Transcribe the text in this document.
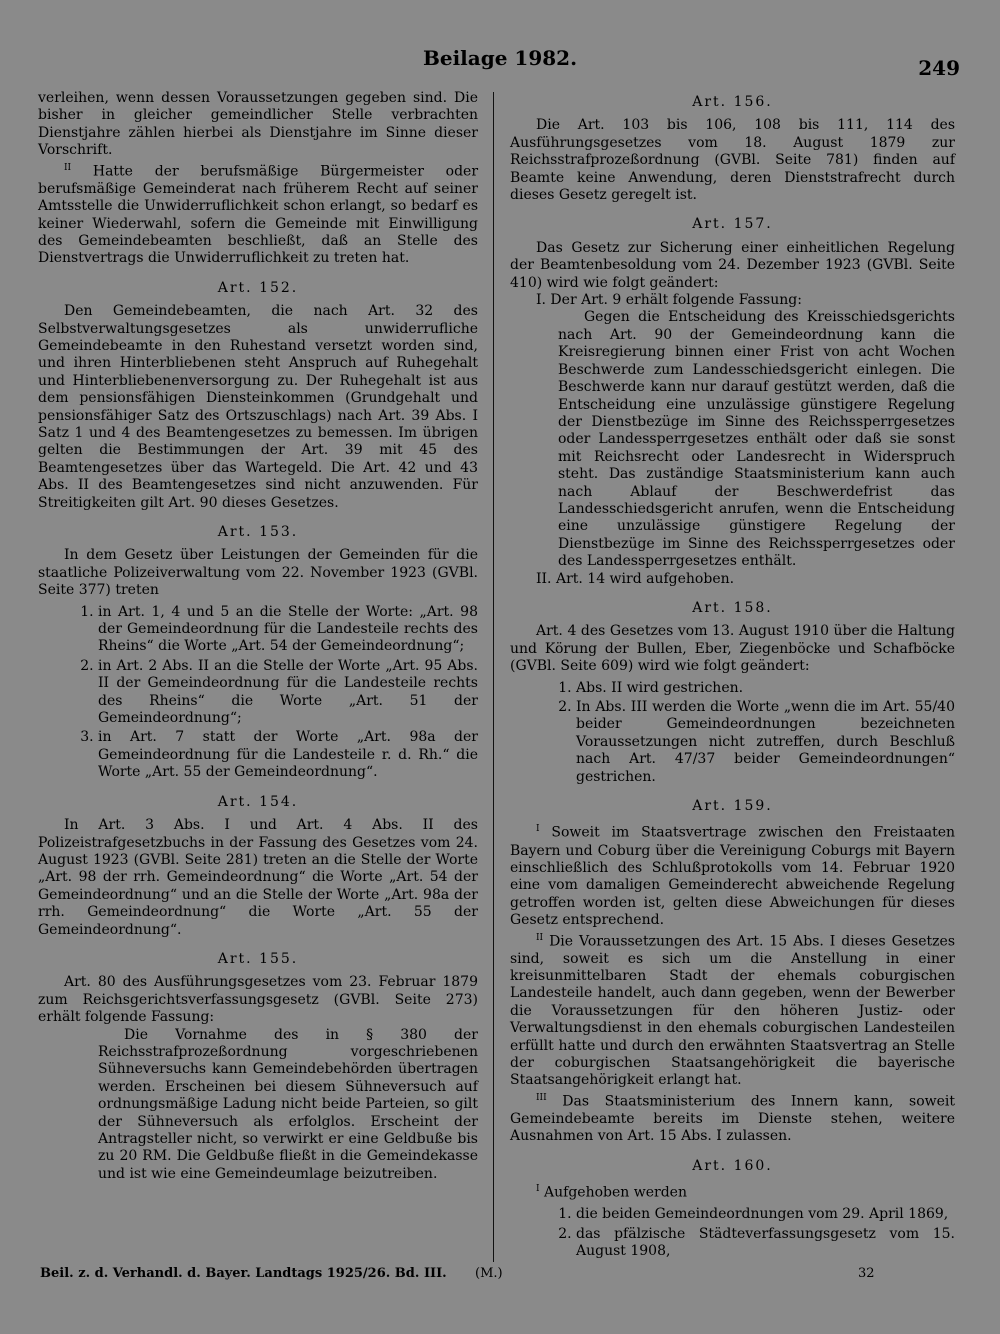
Beilage 1982.	249

verleihen, wenn dessen Voraussetzungen gegeben sind. Die bisher in gleicher gemeindlicher Stelle verbrachten Dienstjahre zählen hierbei als Dienstjahre im Sinne dieser Vorschrift.

$^{II}$ Hatte der berufsmäßige Bürgermeister oder berufsmäßige Gemeinderat nach früherem Recht auf seiner Amtsstelle die Unwiderruflichkeit schon erlangt, so bedarf es keiner Wiederwahl, sofern die Gemeinde mit Einwilligung des Gemeindebeamten beschließt, daß an Stelle des Dienstvertrags die Unwiderruflichkeit zu treten hat.

Art. 152.

Den Gemeindebeamten, die nach Art. 32 des Selbstverwaltungsgesetzes als unwiderrufliche Gemeindebeamte in den Ruhestand versetzt worden sind, und ihren Hinterbliebenen steht Anspruch auf Ruhegehalt und Hinterbliebenenversorgung zu. Der Ruhegehalt ist aus dem pensionsfähigen Diensteinkommen (Grundgehalt und pensionsfähiger Satz des Ortszuschlags) nach Art. 39 Abs. I Satz 1 und 4 des Beamtengesetzes zu bemessen. Im übrigen gelten die Bestimmungen der Art. 39 mit 45 des Beamtengesetzes über das Wartegeld. Die Art. 42 und 43 Abs. II des Beamtengesetzes sind nicht anzuwenden. Für Streitigkeiten gilt Art. 90 dieses Gesetzes.

Art. 153.

In dem Gesetz über Leistungen der Gemeinden für die staatliche Polizeiverwaltung vom 22. November 1923 (GVBl. Seite 377) treten

1. in Art. 1, 4 und 5 an die Stelle der Worte: „Art. 98 der Gemeindeordnung für die Landesteile rechts des Rheins“ die Worte „Art. 54 der Gemeindeordnung“;
2. in Art. 2 Abs. II an die Stelle der Worte „Art. 95 Abs. II der Gemeindeordnung für die Landesteile rechts des Rheins“ die Worte „Art. 51 der Gemeindeordnung“;
3. in Art. 7 statt der Worte „Art. 98a der Gemeindeordnung für die Landesteile r. d. Rh.“ die Worte „Art. 55 der Gemeindeordnung“.
Art. 154.

In Art. 3 Abs. I und Art. 4 Abs. II des Polizeistrafgesetzbuchs in der Fassung des Gesetzes vom 24. August 1923 (GVBl. Seite 281) treten an die Stelle der Worte „Art. 98 der rrh. Gemeindeordnung“ die Worte „Art. 54 der Gemeindeordnung“ und an die Stelle der Worte „Art. 98a der rrh. Gemeindeordnung“ die Worte „Art. 55 der Gemeindeordnung“.

Art. 155.

Art. 80 des Ausführungsgesetzes vom 23. Februar 1879 zum Reichsgerichtsverfassungsgesetz (GVBl. Seite 273) erhält folgende Fassung:

Die Vornahme des in § 380 der Reichsstrafprozeßordnung vorgeschriebenen Sühneversuchs kann Gemeindebehörden übertragen werden. Erscheinen bei diesem Sühneversuch auf ordnungsmäßige Ladung nicht beide Parteien, so gilt der Sühneversuch als erfolglos. Erscheint der Antragsteller nicht, so verwirkt er eine Geldbuße bis zu 20 RM. Die Geldbuße fließt in die Gemeindekasse und ist wie eine Gemeindeumlage beizutreiben.

Art. 156.

Die Art. 103 bis 106, 108 bis 111, 114 des Ausführungsgesetzes vom 18. August 1879 zur Reichsstrafprozeßordnung (GVBl. Seite 781) finden auf Beamte keine Anwendung, deren Dienststrafrecht durch dieses Gesetz geregelt ist.

Art. 157.

Das Gesetz zur Sicherung einer einheitlichen Regelung der Beamtenbesoldung vom 24. Dezember 1923 (GVBl. Seite 410) wird wie folgt geändert:

I. Der Art. 9 erhält folgende Fassung:

Gegen die Entscheidung des Kreisschiedsgerichts nach Art. 90 der Gemeindeordnung kann die Kreisregierung binnen einer Frist von acht Wochen Beschwerde zum Landesschiedsgericht einlegen. Die Beschwerde kann nur darauf gestützt werden, daß die Entscheidung eine unzulässige günstigere Regelung der Dienstbezüge im Sinne des Reichssperrgesetzes oder Landessperrgesetzes enthält oder daß sie sonst mit Reichsrecht oder Landesrecht in Widerspruch steht. Das zuständige Staatsministerium kann auch nach Ablauf der Beschwerdefrist das Landesschiedsgericht anrufen, wenn die Entscheidung eine unzulässige günstigere Regelung der Dienstbezüge im Sinne des Reichssperrgesetzes oder des Landessperrgesetzes enthält.

II. Art. 14 wird aufgehoben.

Art. 158.

Art. 4 des Gesetzes vom 13. August 1910 über die Haltung und Körung der Bullen, Eber, Ziegenböcke und Schafböcke (GVBl. Seite 609) wird wie folgt geändert:

1. Abs. II wird gestrichen.
2. In Abs. III werden die Worte „wenn die im Art. 55/40 beider Gemeindeordnungen bezeichneten Voraussetzungen nicht zutreffen, durch Beschluß nach Art. 47/37 beider Gemeindeordnungen“ gestrichen.
Art. 159.

$^I$ Soweit im Staatsvertrage zwischen den Freistaaten Bayern und Coburg über die Vereinigung Coburgs mit Bayern einschließlich des Schlußprotokolls vom 14. Februar 1920 eine vom damaligen Gemeinderecht abweichende Regelung getroffen worden ist, gelten diese Abweichungen für dieses Gesetz entsprechend.

$^{II}$ Die Voraussetzungen des Art. 15 Abs. I dieses Gesetzes sind, soweit es sich um die Anstellung in einer kreisunmittelbaren Stadt der ehemals coburgischen Landesteile handelt, auch dann gegeben, wenn der Bewerber die Voraussetzungen für den höheren Justiz- oder Verwaltungsdienst in den ehemals coburgischen Landesteilen erfüllt hatte und durch den erwähnten Staatsvertrag an Stelle der coburgischen Staatsangehörigkeit die bayerische Staatsangehörigkeit erlangt hat.

$^{III}$ Das Staatsministerium des Innern kann, soweit Gemeindebeamte bereits im Dienste stehen, weitere Ausnahmen von Art. 15 Abs. I zulassen.

Art. 160.

$^I$ Aufgehoben werden

1. die beiden Gemeindeordnungen vom 29. April 1869,
2. das pfälzische Städteverfassungsgesetz vom 15. August 1908,
Beil. z. d. Verhandl. d. Bayer. Landtags 1925/26. Bd. III. (M.)	32
